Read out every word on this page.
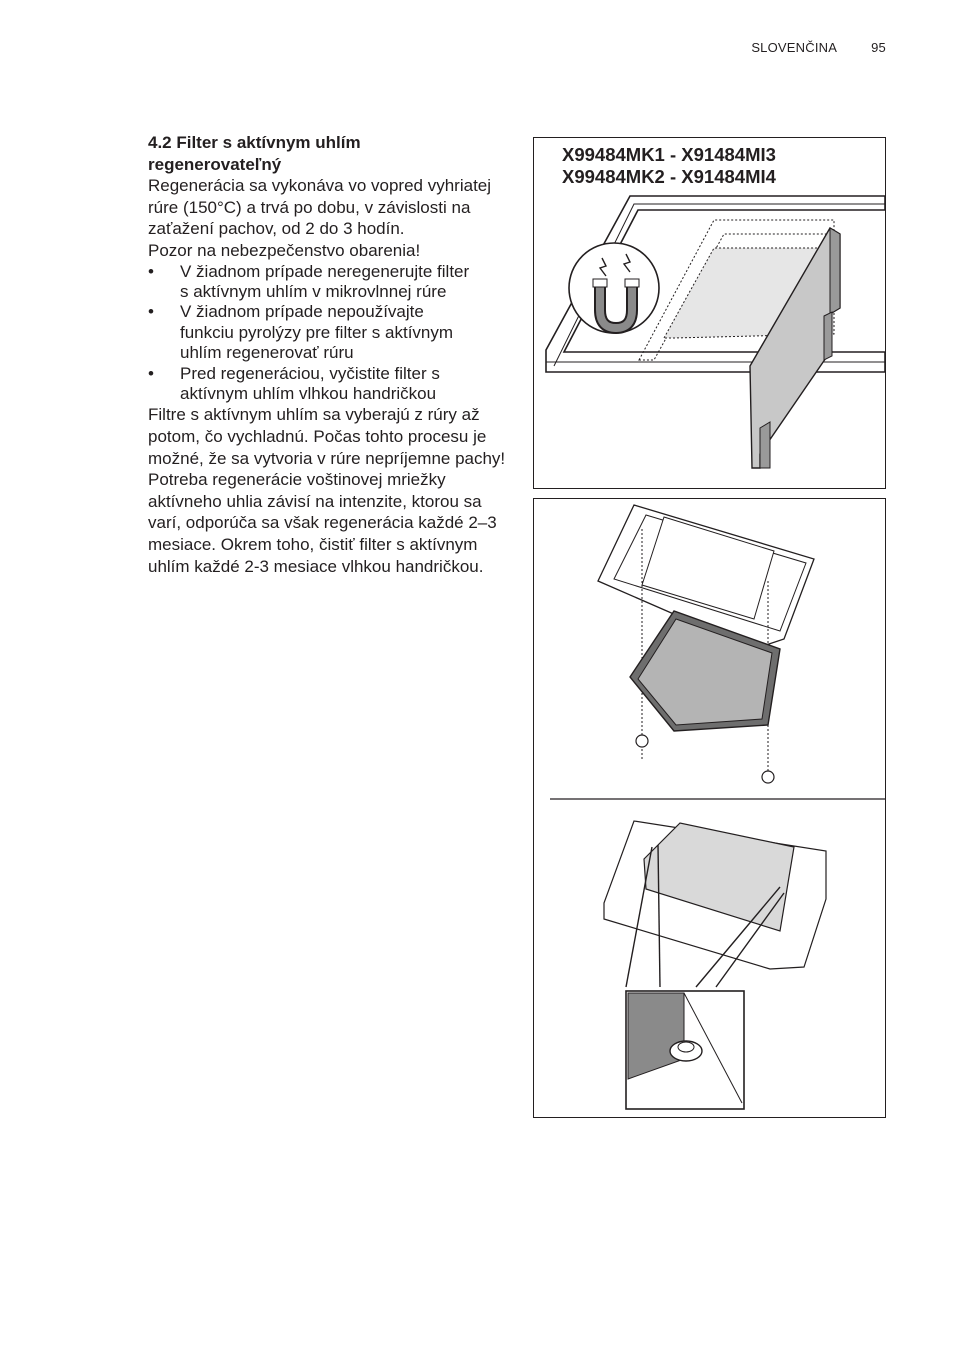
SLOVENČINA	95

4.2 Filter s aktívnym uhlím
regenerovateľný

Regenerácia sa vykonáva vo vopred vyhriatej rúre (150°C) a trvá po dobu, v závislosti na zaťažení pachov, od 2 do 3 hodín.

Pozor na nebezpečenstvo obarenia!

• V žiadnom prípade neregenerujte filter
s aktívnym uhlím v mikrovlnnej rúre
• V žiadnom prípade nepoužívajte
funkciu pyrolýzy pre filter s aktívnym
uhlím regenerovať rúru
• Pred regeneráciou, vyčistite filter s
aktívnym uhlím vlhkou handričkou

Filtre s aktívnym uhlím sa vyberajú z rúry až potom, čo vychladnú. Počas tohto procesu je možné, že sa vytvoria v rúre nepríjemne pachy! Potreba regenerácie voštinovej mriežky aktívneho uhlia závisí na intenzite, ktorou sa varí, odporúča sa však regenerácia každé 2–3 mesiace. Okrem toho, čistiť filter s aktívnym uhlím každé 2-3 mesiace vlhkou handričkou.

X99484MK1 - X91484MI3
X99484MK2 - X91484MI4
